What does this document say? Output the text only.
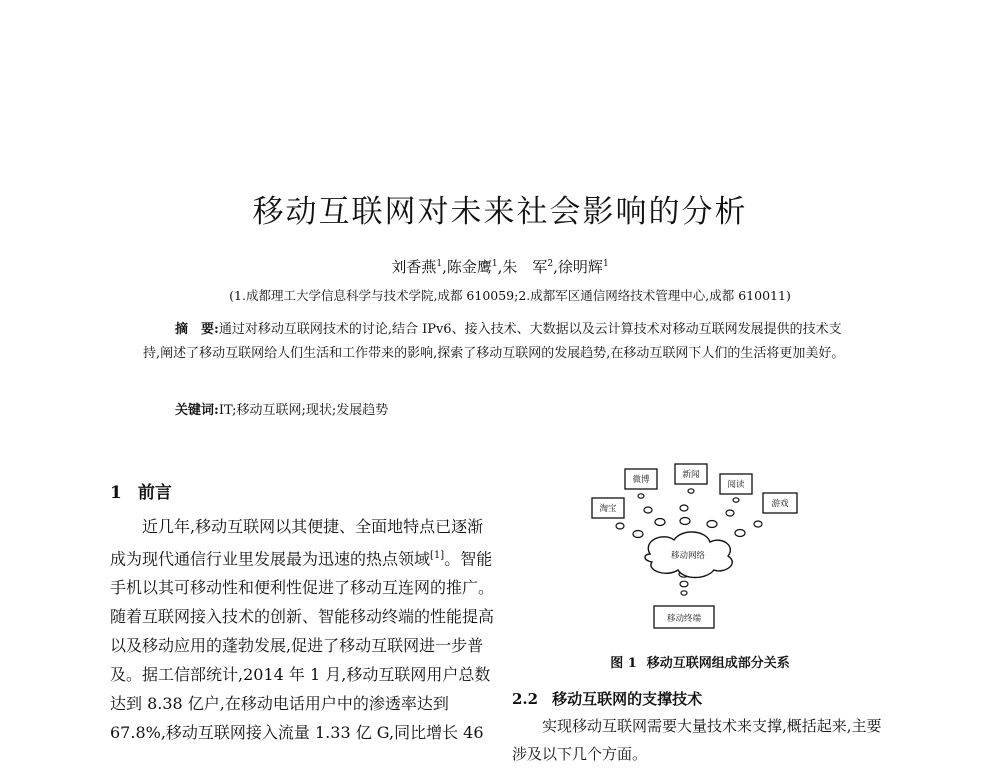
移动互联网对未来社会影响的分析
刘香燕$^1$,陈金鹰$^1$,朱　军$^2$,徐明辉$^1$
(1.成都理工大学信息科学与技术学院,成都 610059;2.成都军区通信网络技术管理中心,成都 610011)
摘　要:通过对移动互联网技术的讨论,结合 IPv6、接入技术、大数据以及云计算技术对移动互联网发展提供的技术支持,阐述了移动互联网给人们生活和工作带来的影响,探索了移动互联网的发展趋势,在移动互联网下人们的生活将更加美好。
关键词:IT;移动互联网;现状;发展趋势
1 前言

近几年,移动互联网以其便捷、全面地特点已逐渐成为现代通信行业里发展最为迅速的热点领域[1]。智能手机以其可移动性和便利性促进了移动互连网的推广。随着互联网接入技术的创新、智能移动终端的性能提高以及移动应用的蓬勃发展,促进了移动互联网进一步普及。据工信部统计,2014 年 1 月,移动互联网用户总数达到 8.38 亿户,在移动电话用户中的渗透率达到 67.8%,移动互联网接入流量 1.33 亿 G,同比增长 46

微博	新闻
阅读
淘宝	游戏
移动网络
移动终端
图 1 移动互联网组成部分关系
2.2 移动互联网的支撑技术

实现移动互联网需要大量技术来支撑,概括起来,主要涉及以下几个方面。
